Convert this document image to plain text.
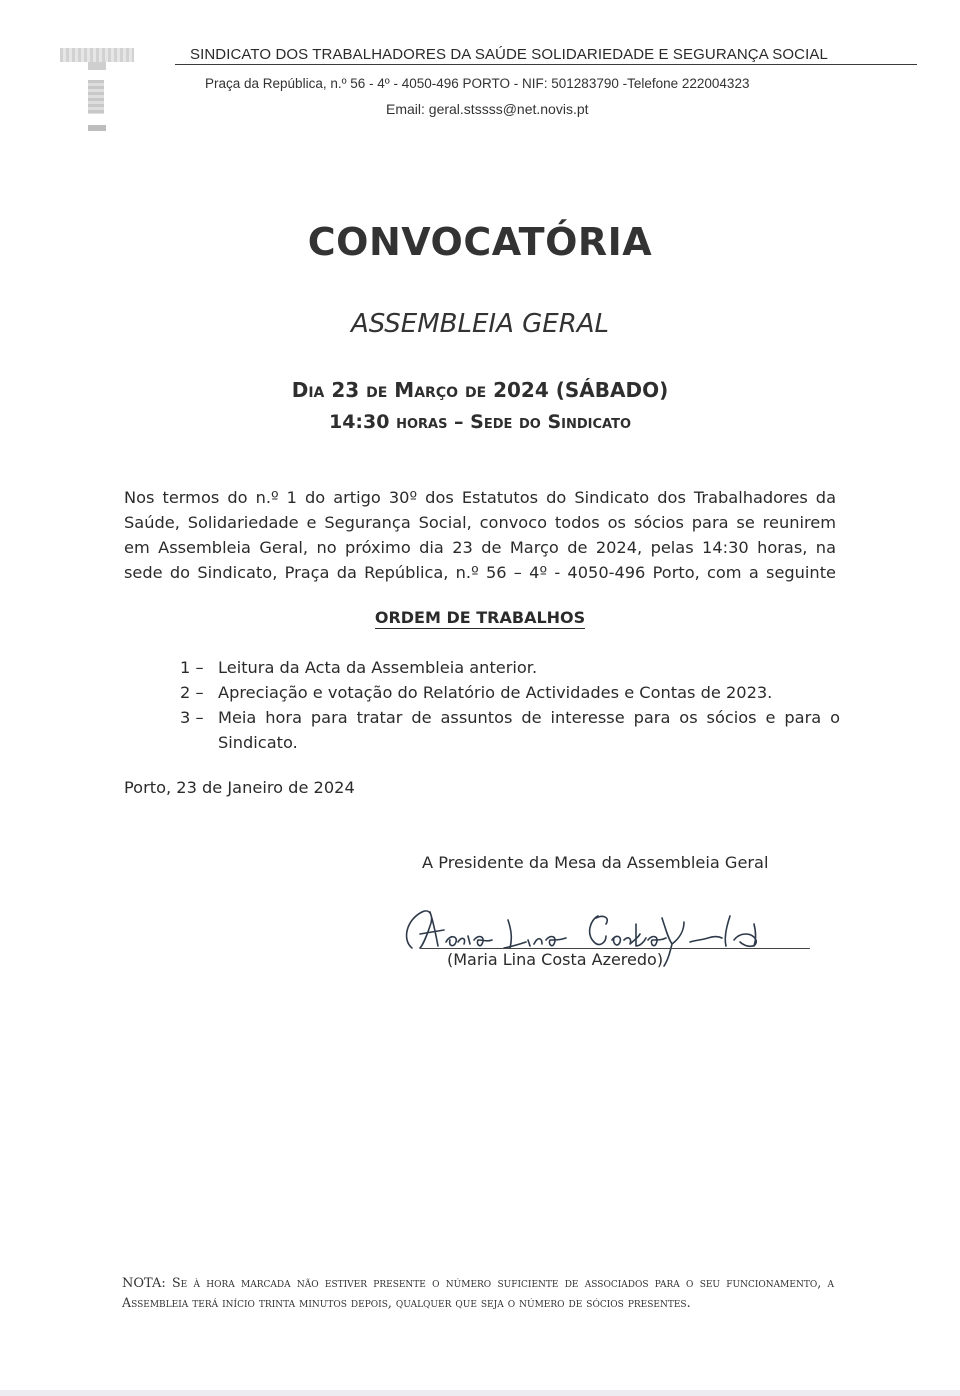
SINDICATO DOS TRABALHADORES DA SAÚDE SOLIDARIEDADE E SEGURANÇA SOCIAL
Praça da República, n.º 56 - 4º - 4050-496 PORTO - NIF: 501283790 -Telefone 222004323
Email: geral.stssss@net.novis.pt
CONVOCATÓRIA
ASSEMBLEIA GERAL
Dia 23 de Março de 2024 (SÁBADO)
14:30 horas – Sede do Sindicato
Nos termos do n.º 1 do artigo 30º dos Estatutos do Sindicato dos Trabalhadores da
Saúde, Solidariedade e Segurança Social, convoco todos os sócios para se reunirem
em Assembleia Geral, no próximo dia 23 de Março de 2024, pelas 14:30 horas, na
sede do Sindicato, Praça da República, n.º 56 – 4º - 4050-496 Porto, com a seguinte
ORDEM DE TRABALHOS
1 – Leitura da Acta da Assembleia anterior.
2 – Apreciação e votação do Relatório de Actividades e Contas de 2023.
3 – Meia hora para tratar de assuntos de interesse para os sócios e para o Sindicato.
Porto, 23 de Janeiro de 2024
A Presidente da Mesa da Assembleia Geral
(Maria Lina Costa Azeredo)
NOTA: Se à hora marcada não estiver presente o número suficiente de associados para o seu funcionamento, a Assembleia terá início trinta minutos depois, qualquer que seja o número de sócios presentes.
